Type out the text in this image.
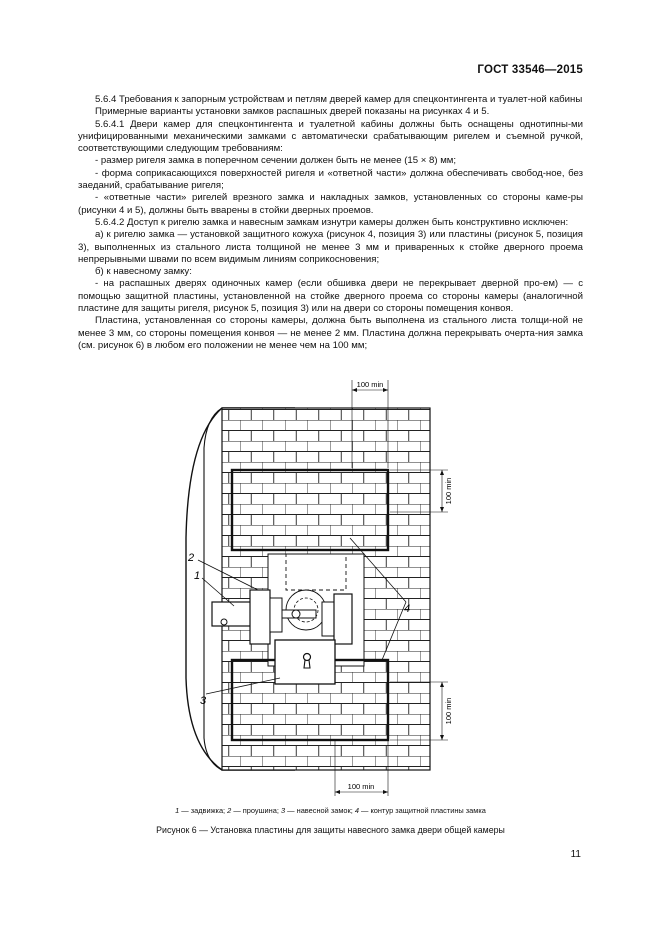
ГОСТ 33546—2015

5.6.4 Требования к запорным устройствам и петлям дверей камер для спецконтингента и туалет-ной кабины

Примерные варианты установки замков распашных дверей показаны на рисунках 4 и 5.

5.6.4.1 Двери камер для спецконтингента и туалетной кабины должны быть оснащены однотипны-ми унифицированными механическими замками с автоматически срабатывающим ригелем и съемной ручкой, соответствующими следующим требованиям:

- размер ригеля замка в поперечном сечении должен быть не менее (15 × 8) мм;

- форма соприкасающихся поверхностей ригеля и «ответной части» должна обеспечивать свобод-ное, без заеданий, срабатывание ригеля;

- «ответные части» ригелей врезного замка и накладных замков, установленных со стороны каме-ры (рисунки 4 и 5), должны быть вварены в стойки дверных проемов.

5.6.4.2 Доступ к ригелю замка и навесным замкам изнутри камеры должен быть конструктивно исключен:

а) к ригелю замка — установкой защитного кожуха (рисунок 4, позиция 3) или пластины (рисунок 5, позиция 3), выполненных из стального листа толщиной не менее 3 мм и приваренных к стойке дверного проема непрерывными швами по всем видимым линиям соприкосновения;

б) к навесному замку:

- на распашных дверях одиночных камер (если обшивка двери не перекрывает дверной про-ем) — с помощью защитной пластины, установленной на стойке дверного проема со стороны камеры (аналогичной пластине для защиты ригеля, рисунок 5, позиция 3) или на двери со стороны помещения конвоя.

Пластина, установленная со стороны камеры, должна быть выполнена из стального листа толщи-ной не менее 3 мм, со стороны помещения конвоя — не менее 2 мм. Пластина должна перекрывать очерта-ния замка (см. рисунок 6) в любом его положении не менее чем на 100 мм;

2
1
3
4
100 min
100 min
100 min
100 min
1 — задвижка; 2 — проушина; 3 — навесной замок; 4 — контур защитной пластины замка
Рисунок 6 — Установка пластины для защиты навесного замка двери общей камеры
11
